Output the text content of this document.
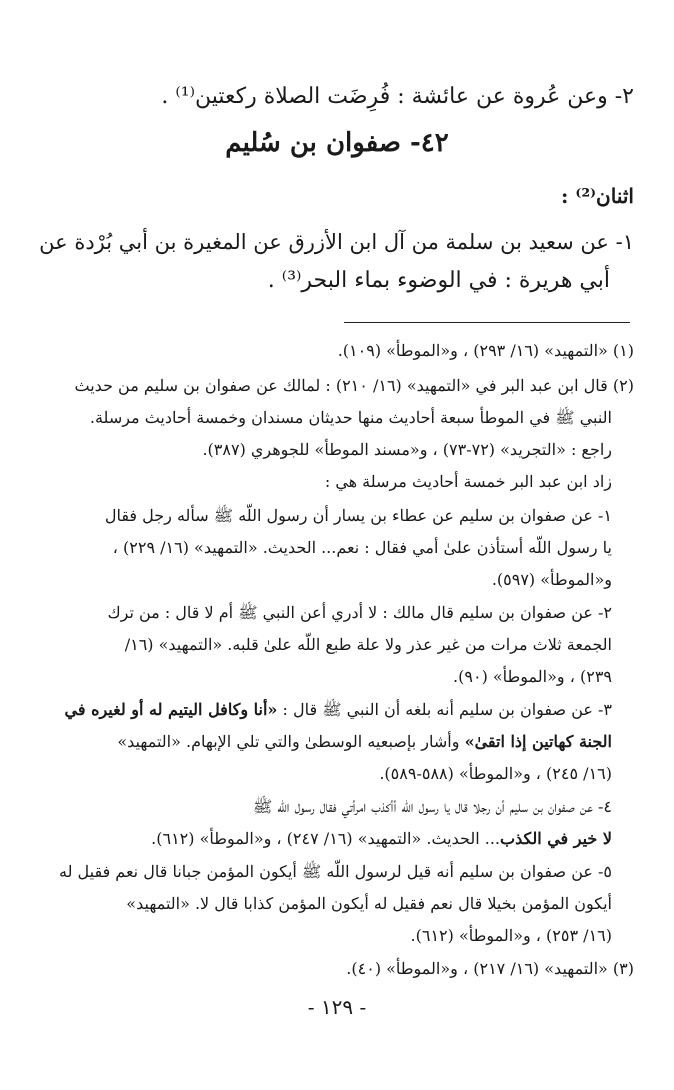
٢- وعن عُروة عن عائشة : فُرِضَت الصلاة ركعتين⁽¹⁾ .
٤٢- صفوان بن سُليم
اثنان⁽²⁾ :
١- عن سعيد بن سلمة من آل ابن الأزرق عن المغيرة بن أبي بُرْدة عن
أبي هريرة : في الوضوء بماء البحر⁽³⁾ .
(١) «التمهيد» (١٦/ ٢٩٣) ، و«الموطأ» (١٠٩).
(٢) قال ابن عبد البر في «التمهيد» (١٦/ ٢١٠) : لمالك عن صفوان بن سليم من حديث
النبي ﷺ في الموطأ سبعة أحاديث منها حديثان مسندان وخمسة أحاديث مرسلة.
راجع : «التجريد» (٧٢-٧٣) ، و«مسند الموطأ» للجوهري (٣٨٧).
زاد ابن عبد البر خمسة أحاديث مرسلة هي :
١- عن صفوان بن سليم عن عطاء بن يسار أن رسول اللّه ﷺ سأله رجل فقال
يا رسول اللّه أستأذن علىٰ أمي فقال : نعم... الحديث. «التمهيد» (١٦/ ٢٢٩) ،
و«الموطأ» (٥٩٧).
٢- عن صفوان بن سليم قال مالك : لا أدري أعن النبي ﷺ أم لا قال : من ترك
الجمعة ثلاث مرات من غير عذر ولا علة طبع اللّه علىٰ قلبه. «التمهيد» (١٦/
٢٣٩) ، و«الموطأ» (٩٠).
٣- عن صفوان بن سليم أنه بلغه أن النبي ﷺ قال : «أنا وكافل اليتيم له أو لغيره في
الجنة كهاتين إذا اتقىٰ» وأشار بإصبعيه الوسطىٰ والتي تلي الإبهام. «التمهيد»
(١٦/ ٢٤٥) ، و«الموطأ» (٥٨٨-٥٨٩).
٤- عن صفوان بن سليم أن رجلا قال يا رسول اللّه أأكذب امرأتي فقال رسول اللّه ﷺ
لا خير في الكذب... الحديث. «التمهيد» (١٦/ ٢٤٧) ، و«الموطأ» (٦١٢).
٥- عن صفوان بن سليم أنه قيل لرسول اللّه ﷺ أيكون المؤمن جبانا قال نعم فقيل له
أيكون المؤمن بخيلا قال نعم فقيل له أيكون المؤمن كذابا قال لا. «التمهيد»
(١٦/ ٢٥٣) ، و«الموطأ» (٦١٢).
(٣) «التمهيد» (١٦/ ٢١٧) ، و«الموطأ» (٤٠).
- ١٢٩ -
